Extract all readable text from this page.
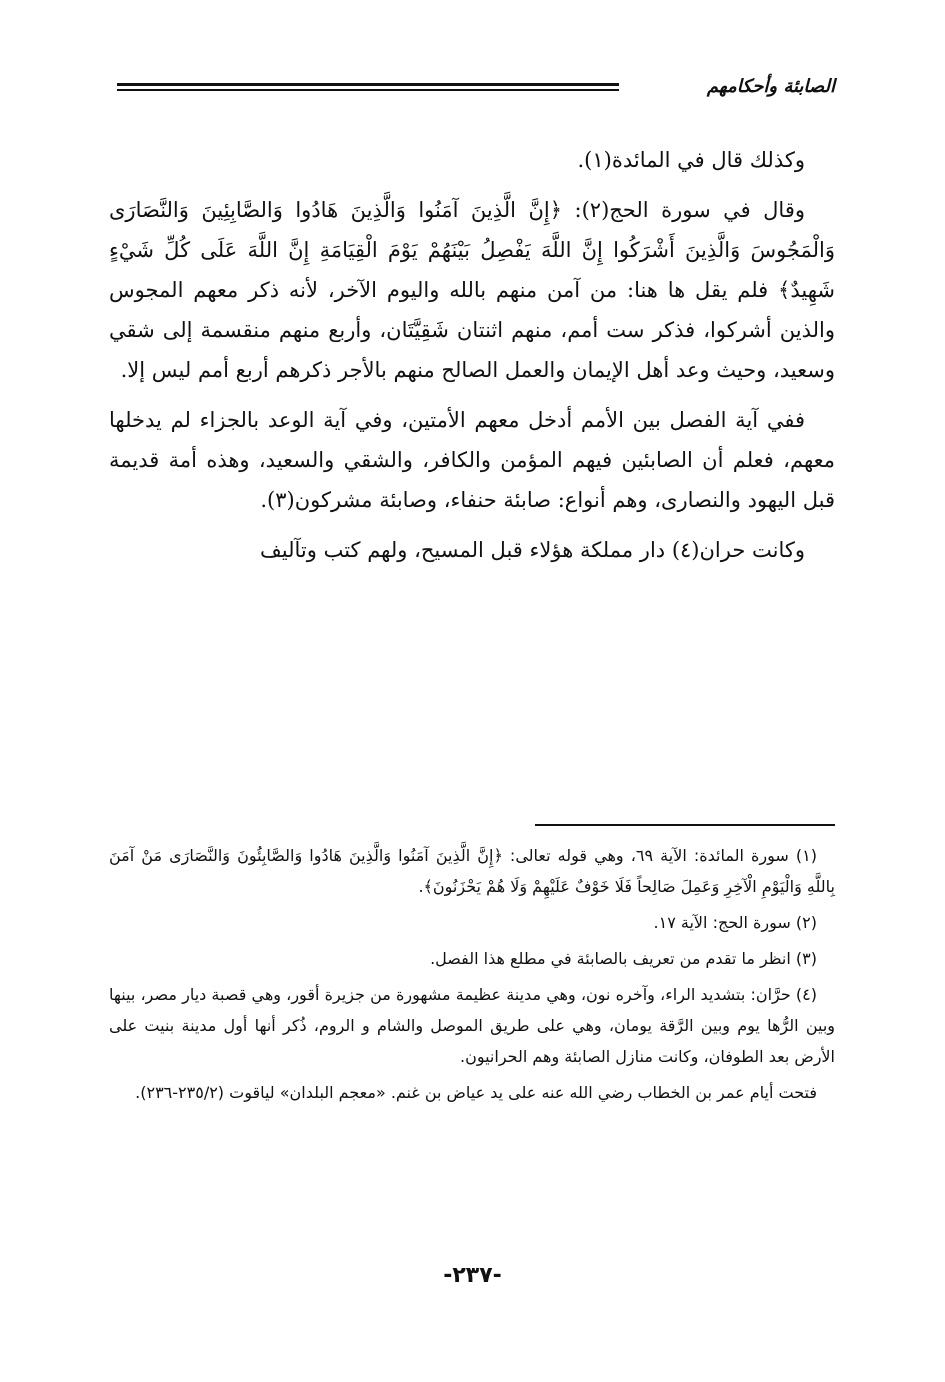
الصابئة وأحكامهم

وكذلك قال في المائدة(١).

وقال في سورة الحج(٢): ﴿إِنَّ الَّذِينَ آمَنُوا وَالَّذِينَ هَادُوا وَالصَّابِئِينَ وَالنَّصَارَى وَالْمَجُوسَ وَالَّذِينَ أَشْرَكُوا إِنَّ اللَّهَ يَفْصِلُ بَيْنَهُمْ يَوْمَ الْقِيَامَةِ إِنَّ اللَّهَ عَلَى كُلِّ شَيْءٍ شَهِيدٌ﴾ فلم يقل ها هنا: من آمن منهم بالله واليوم الآخر، لأنه ذكر معهم المجوس والذين أشركوا، فذكر ست أمم، منهم اثنتان شَقِيَّتَان، وأربع منهم منقسمة إلى شقي وسعيد، وحيث وعد أهل الإيمان والعمل الصالح منهم بالأجر ذكرهم أربع أمم ليس إلا.

ففي آية الفصل بين الأمم أدخل معهم الأمتين، وفي آية الوعد بالجزاء لم يدخلها معهم، فعلم أن الصابئين فيهم المؤمن والكافر، والشقي والسعيد، وهذه أمة قديمة قبل اليهود والنصارى، وهم أنواع: صابئة حنفاء، وصابئة مشركون(٣).

وكانت حران(٤) دار مملكة هؤلاء قبل المسيح، ولهم كتب وتآليف

(١) سورة المائدة: الآية ٦٩، وهي قوله تعالى: ﴿إِنَّ الَّذِينَ آمَنُوا وَالَّذِينَ هَادُوا وَالصَّابِئُونَ وَالنَّصَارَى مَنْ آمَنَ بِاللَّهِ وَالْيَوْمِ الْآخِرِ وَعَمِلَ صَالِحاً فَلَا خَوْفٌ عَلَيْهِمْ وَلَا هُمْ يَحْزَنُونَ﴾.

(٢) سورة الحج: الآية ١٧.

(٣) انظر ما تقدم من تعريف بالصابئة في مطلع هذا الفصل.

(٤) حرَّان: بتشديد الراء، وآخره نون، وهي مدينة عظيمة مشهورة من جزيرة أقور، وهي قصبة ديار مصر، بينها وبين الرُّها يوم وبين الرَّقة يومان، وهي على طريق الموصل والشام و الروم، ذُكر أنها أول مدينة بنيت على الأرض بعد الطوفان، وكانت منازل الصابئة وهم الحرانيون.

فتحت أيام عمر بن الخطاب رضي الله عنه على يد عياض بن غنم. «معجم البلدان» لياقوت (٢٣٥/٢-٢٣٦).

-٢٣٧-
